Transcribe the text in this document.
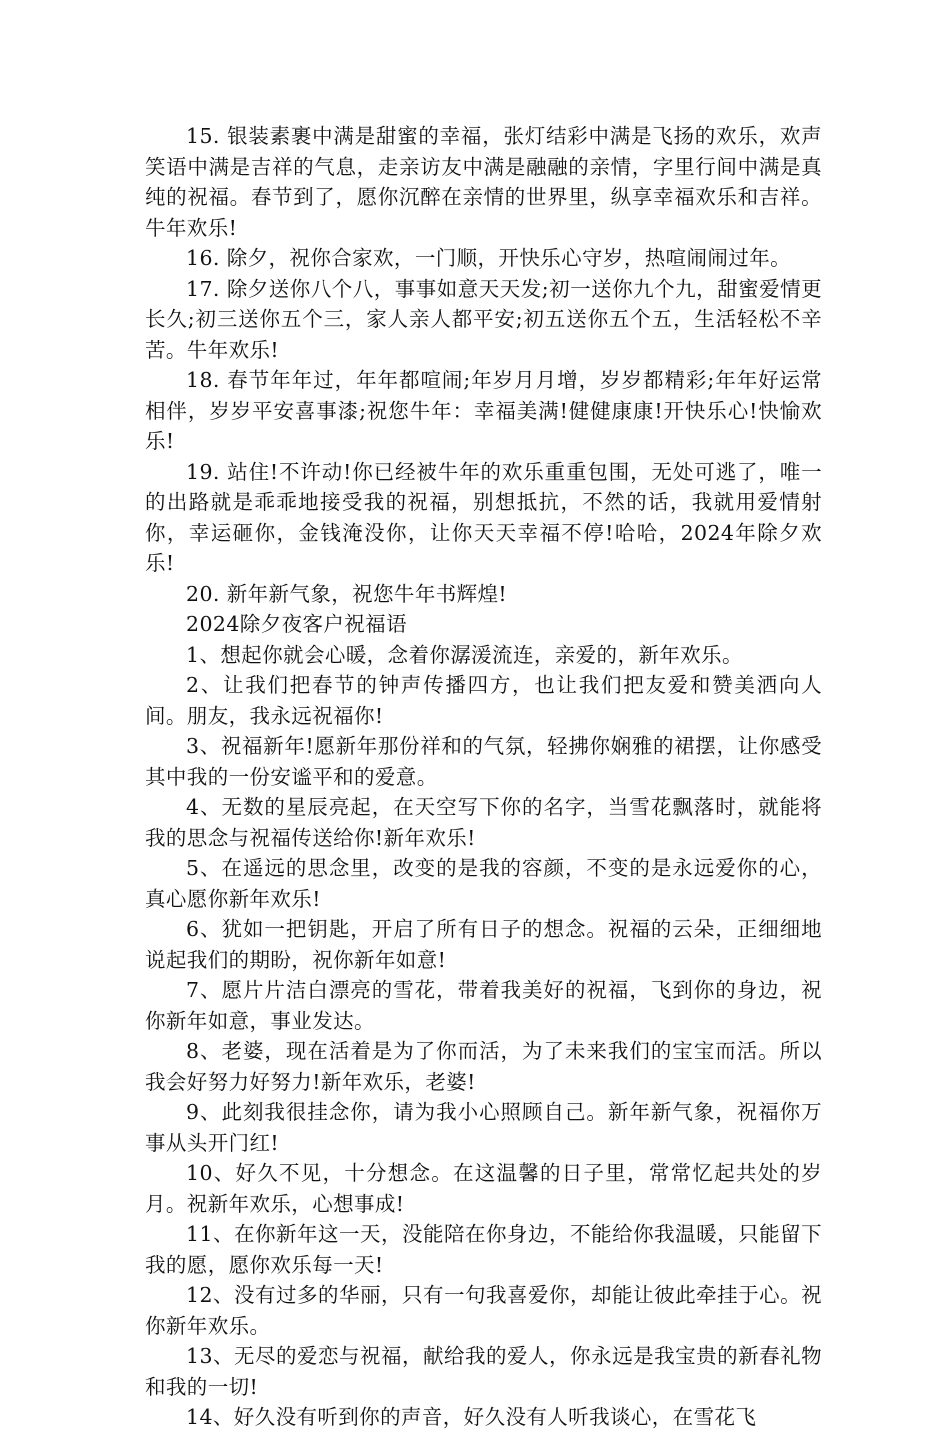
15. 银装素裹中满是甜蜜的幸福，张灯结彩中满是飞扬的欢乐，欢声笑语中满是吉祥的气息，走亲访友中满是融融的亲情，字里行间中满是真纯的祝福。春节到了，愿你沉醉在亲情的世界里，纵享幸福欢乐和吉祥。牛年欢乐!

16. 除夕，祝你合家欢，一门顺，开快乐心守岁，热喧闹闹过年。

17. 除夕送你八个八，事事如意天天发;初一送你九个九，甜蜜爱情更长久;初三送你五个三，家人亲人都平安;初五送你五个五，生活轻松不辛苦。牛年欢乐!

18. 春节年年过，年年都喧闹;年岁月月增，岁岁都精彩;年年好运常相伴，岁岁平安喜事漆;祝您牛年：幸福美满!健健康康!开快乐心!快愉欢乐!

19. 站住!不许动!你已经被牛年的欢乐重重包围，无处可逃了，唯一的出路就是乖乖地接受我的祝福，别想抵抗，不然的话，我就用爱情射你，幸运砸你，金钱淹没你，让你天天幸福不停!哈哈，2024年除夕欢乐!

20. 新年新气象，祝您牛年书辉煌!

2024除夕夜客户祝福语

1、想起你就会心暖，念着你潺湲流连，亲爱的，新年欢乐。

2、让我们把春节的钟声传播四方，也让我们把友爱和赞美洒向人间。朋友，我永远祝福你!

3、祝福新年!愿新年那份祥和的气氛，轻拂你娴雅的裙摆，让你感受其中我的一份安谧平和的爱意。

4、无数的星辰亮起，在天空写下你的名字，当雪花飘落时，就能将我的思念与祝福传送给你!新年欢乐!

5、在遥远的思念里，改变的是我的容颜，不变的是永远爱你的心，真心愿你新年欢乐!

6、犹如一把钥匙，开启了所有日子的想念。祝福的云朵，正细细地说起我们的期盼，祝你新年如意!

7、愿片片洁白漂亮的雪花，带着我美好的祝福，飞到你的身边，祝你新年如意，事业发达。

8、老婆，现在活着是为了你而活，为了未来我们的宝宝而活。所以我会好努力好努力!新年欢乐，老婆!

9、此刻我很挂念你，请为我小心照顾自己。新年新气象，祝福你万事从头开门红!

10、好久不见，十分想念。在这温馨的日子里，常常忆起共处的岁月。祝新年欢乐，心想事成!

11、在你新年这一天，没能陪在你身边，不能给你我温暖，只能留下我的愿，愿你欢乐每一天!

12、没有过多的华丽，只有一句我喜爱你，却能让彼此牵挂于心。祝你新年欢乐。

13、无尽的爱恋与祝福，献给我的爱人，你永远是我宝贵的新春礼物和我的一切!

14、好久没有听到你的声音，好久没有人听我谈心，在雪花飞
